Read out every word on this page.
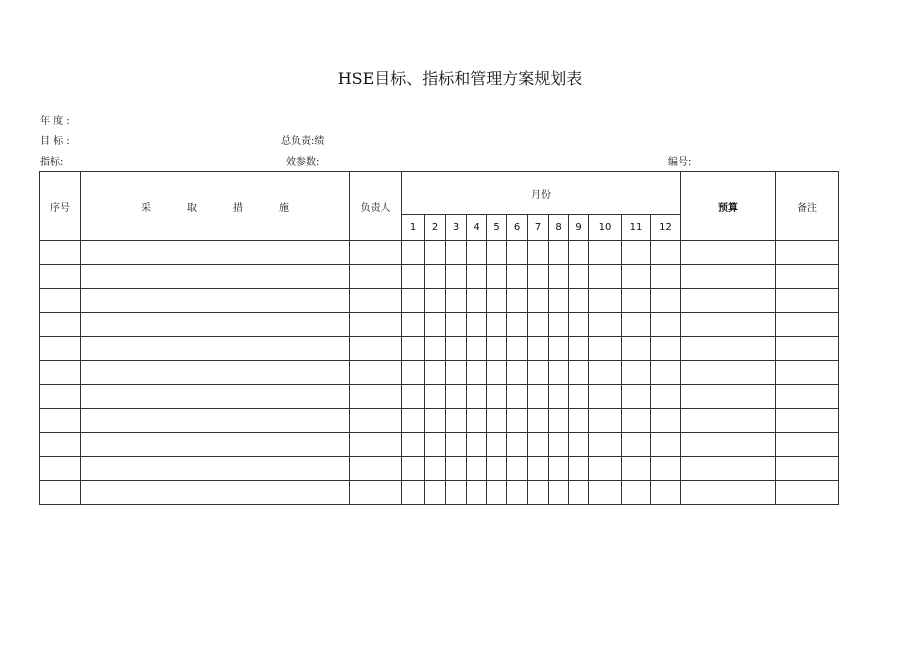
HSE目标、指标和管理方案规划表
年 度 :
目 标 :	总负责:绩
指标:	效参数:	编号:
序号	采 取 措 施	负责人	月份												预算	备注
			1	2	3	4	5	6	7	8	9	10	11	12		
